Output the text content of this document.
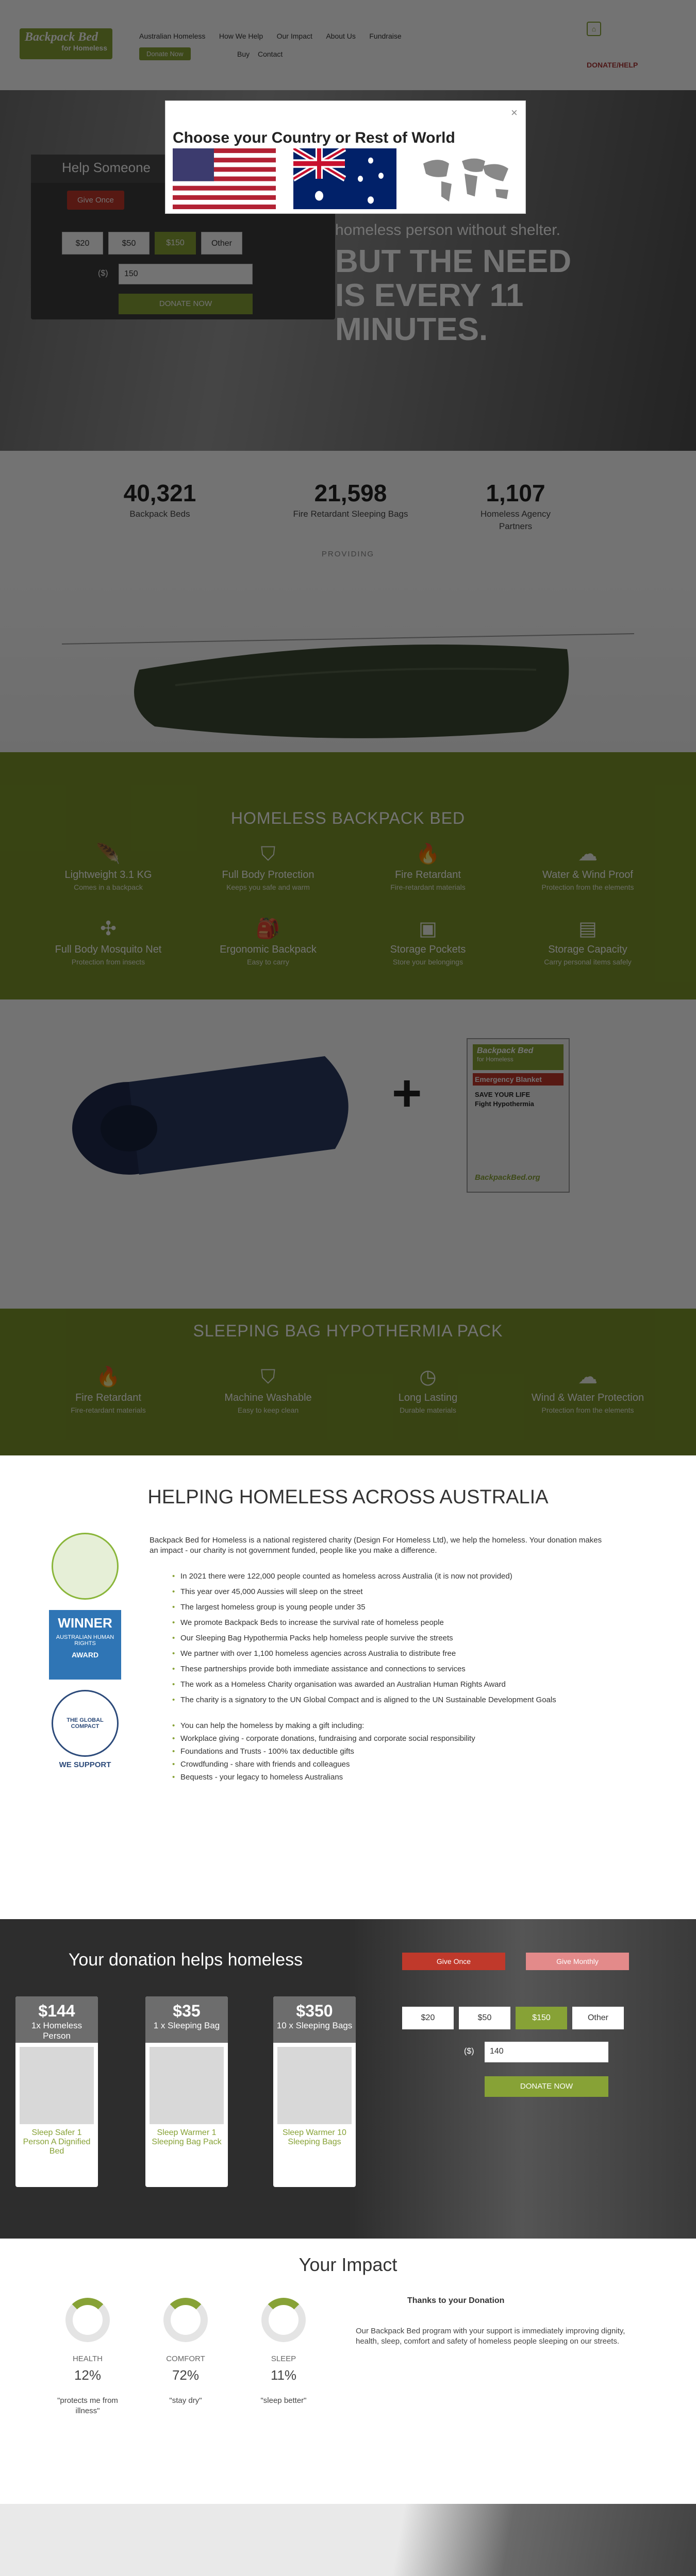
×
Choose your Country or Rest of World
HELPING HOMELESS ACROSS AUSTRALIA
WINNER
AUSTRALIAN HUMAN RIGHTS
AWARD
THE GLOBAL COMPACT
WE SUPPORT
Backpack Bed for Homeless is a national registered charity (Design For Homeless Ltd), we help the homeless. Your donation makes an impact - our charity is not government funded, people like you make a difference.
• In 2021 there were 122,000 people counted as homeless across Australia (it is now not provided)
• This year over 45,000 Aussies will sleep on the street
• The largest homeless group is young people under 35
• We promote Backpack Beds to increase the survival rate of homeless people
• Our Sleeping Bag Hypothermia Packs help homeless people survive the streets
• We partner with over 1,100 homeless agencies across Australia to distribute free
• These partnerships provide both immediate assistance and connections to services
• The work as a Homeless Charity organisation was awarded an Australian Human Rights Award
• The charity is a signatory to the UN Global Compact and is aligned to the UN Sustainable Development Goals
• You can help the homeless by making a gift including:
• Workplace giving - corporate donations, fundraising and corporate social responsibility
• Foundations and Trusts - 100% tax deductible gifts
• Crowdfunding - share with friends and colleagues
• Bequests - your legacy to homeless Australians
Your donation helps homeless
$144
1x Homeless
Person
Sleep Safer 1 Person A Dignified Bed
$35
1 x Sleeping Bag
Sleep Warmer 1 Sleeping Bag Pack
$350
10 x Sleeping Bags
Sleep Warmer 10 Sleeping Bags
Give Once	Give Monthly
$20	$50	$150	Other
($)	140
DONATE NOW
Your Impact
Thanks to your Donation
Our Backpack Bed program with your support is immediately improving dignity, health, sleep, comfort and safety of homeless people sleeping on our streets.
HEALTH
12%
"protects me from illness"
COMFORT
72%
"stay dry"
SLEEP
11%
"sleep better"
